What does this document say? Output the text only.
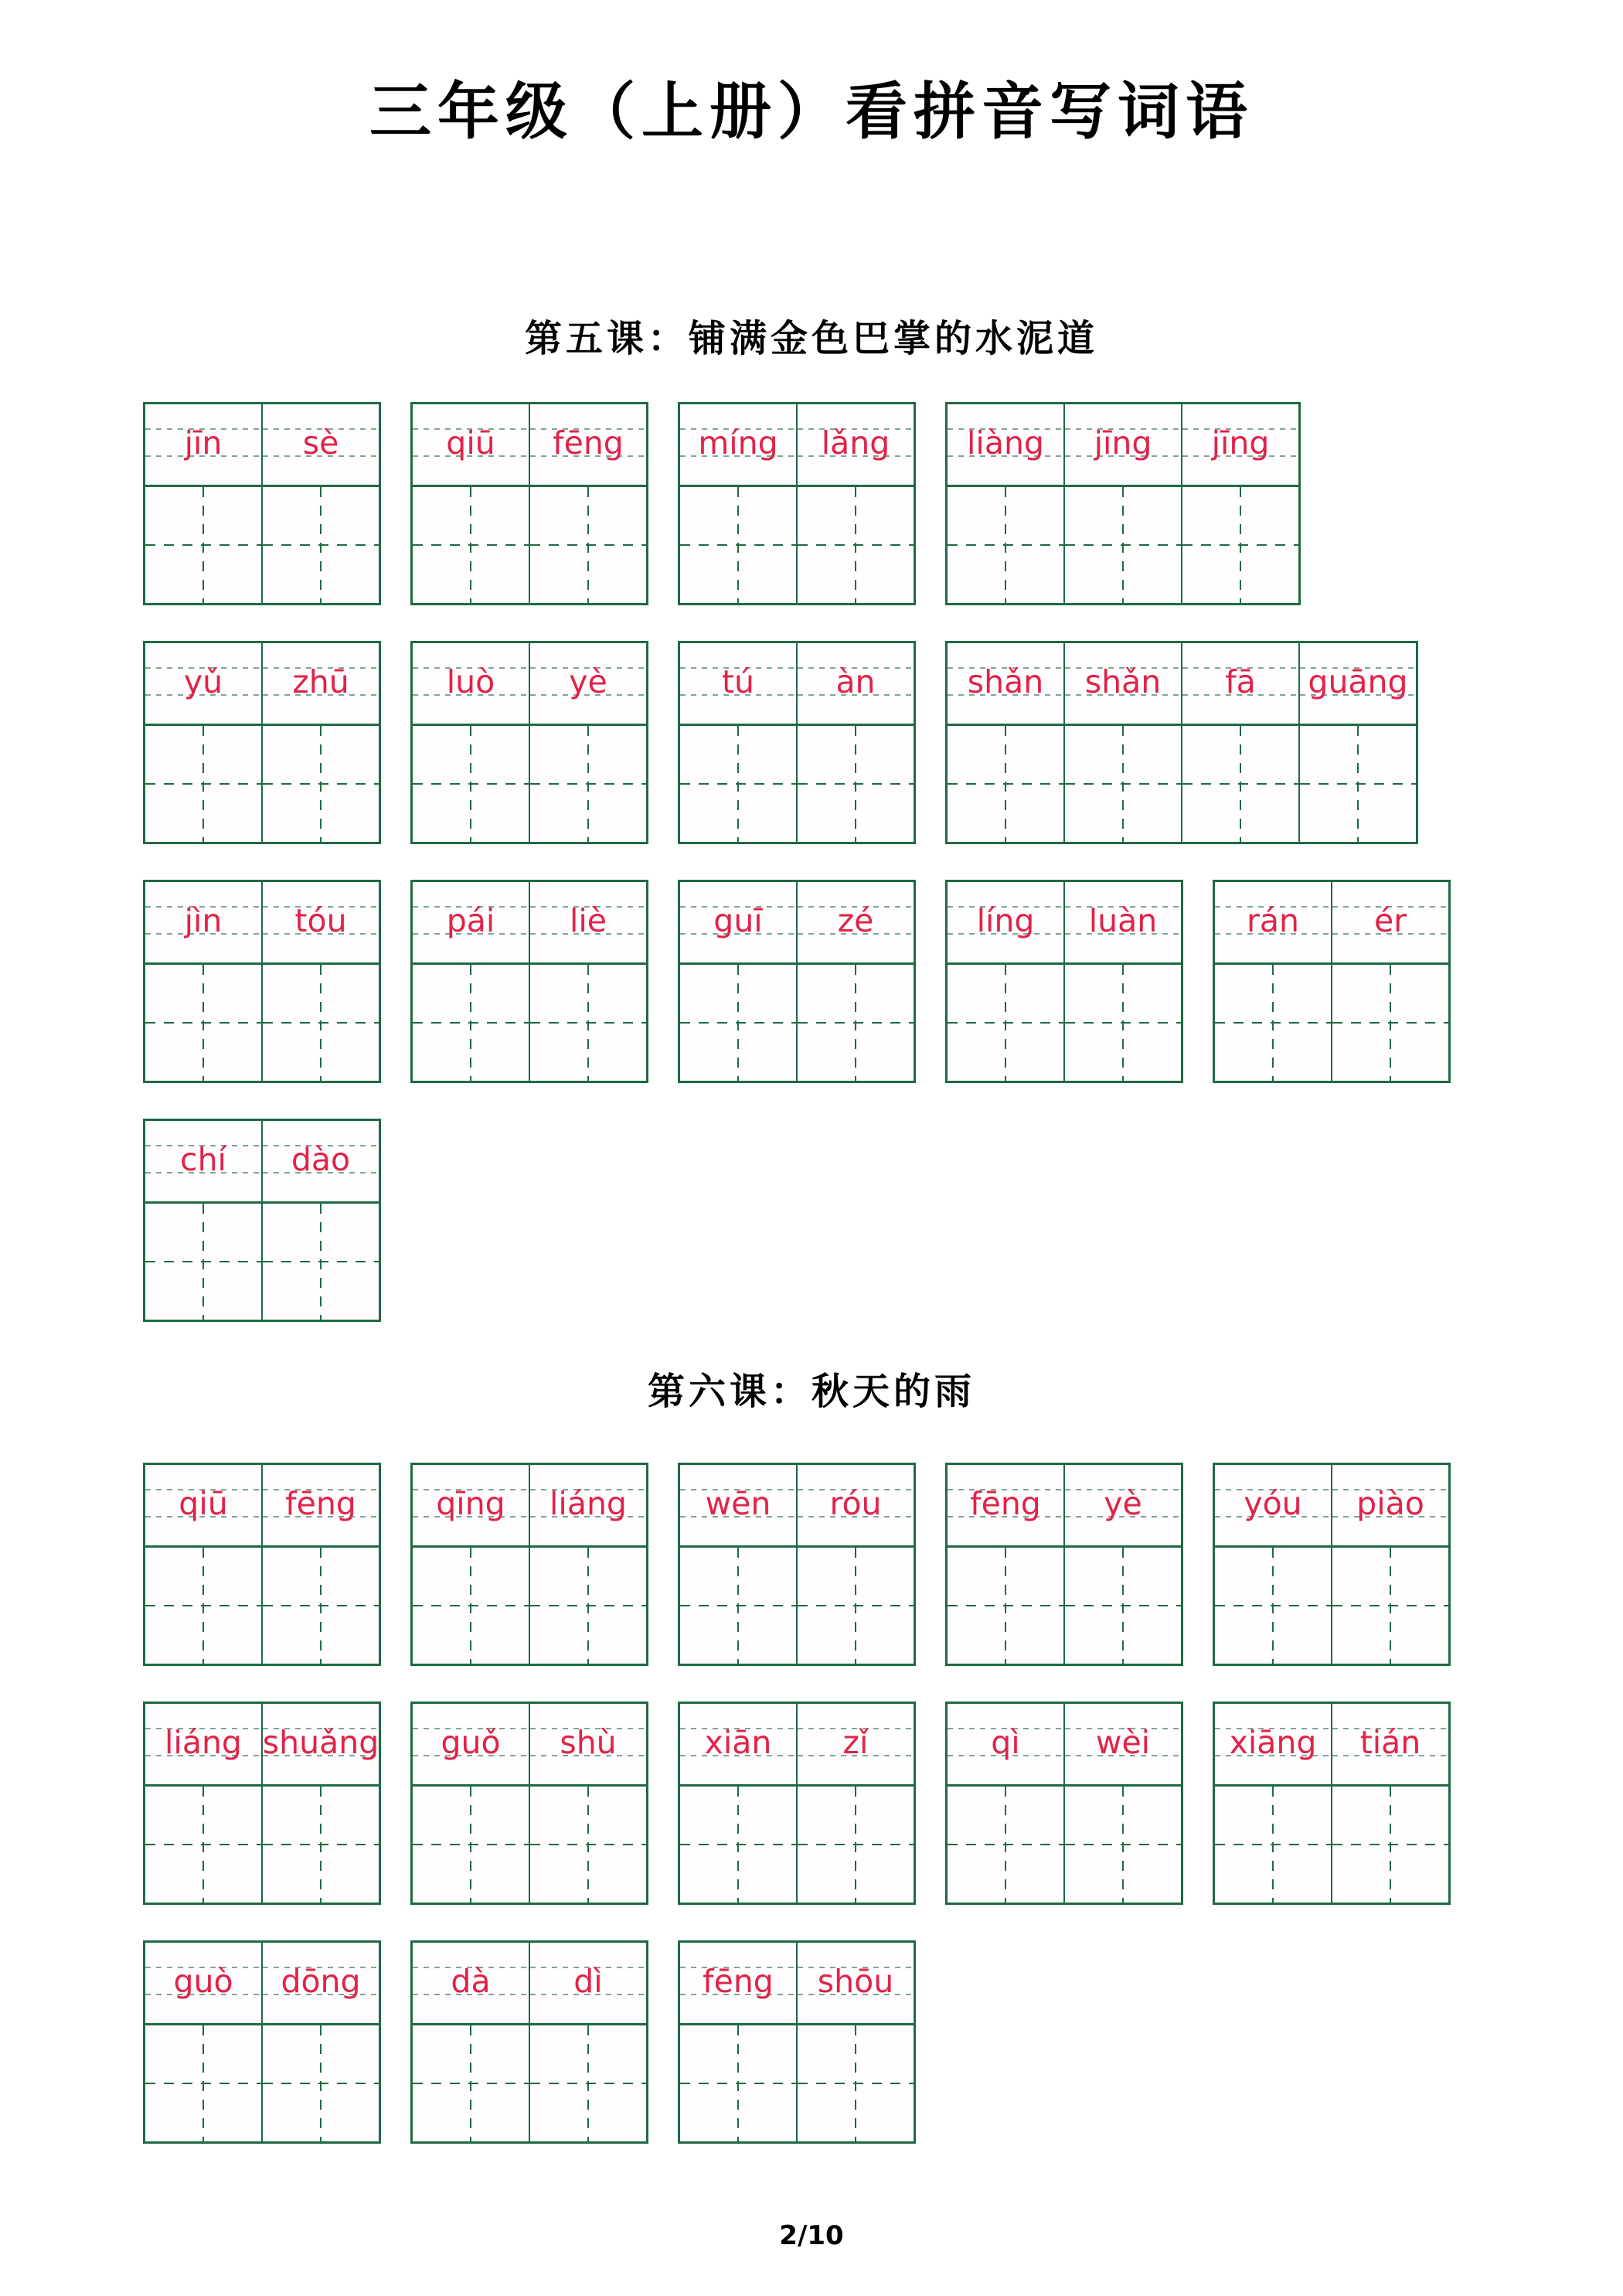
三年级（上册）看拼音写词语
第五课：铺满金色巴掌的水泥道
jīn	sè	qiū	fēng	míng	lǎng	liàng	jīng	jīng
yǔ	zhū	luò	yè	tú	àn	shǎn	shǎn	fā	guāng
jìn	tóu	pái	liè	guī	zé	líng	luàn	rán	ér
chí	dào
第六课：秋天的雨
qiū	fēng	qīng	liáng	wēn	róu	fēng	yè	yóu	piào
liáng shuǎng	guǒ	shù	xiān	zǐ	qì	wèi	xiāng	tián
guò	dōng	dà	dì	fēng	shōu
2/10
